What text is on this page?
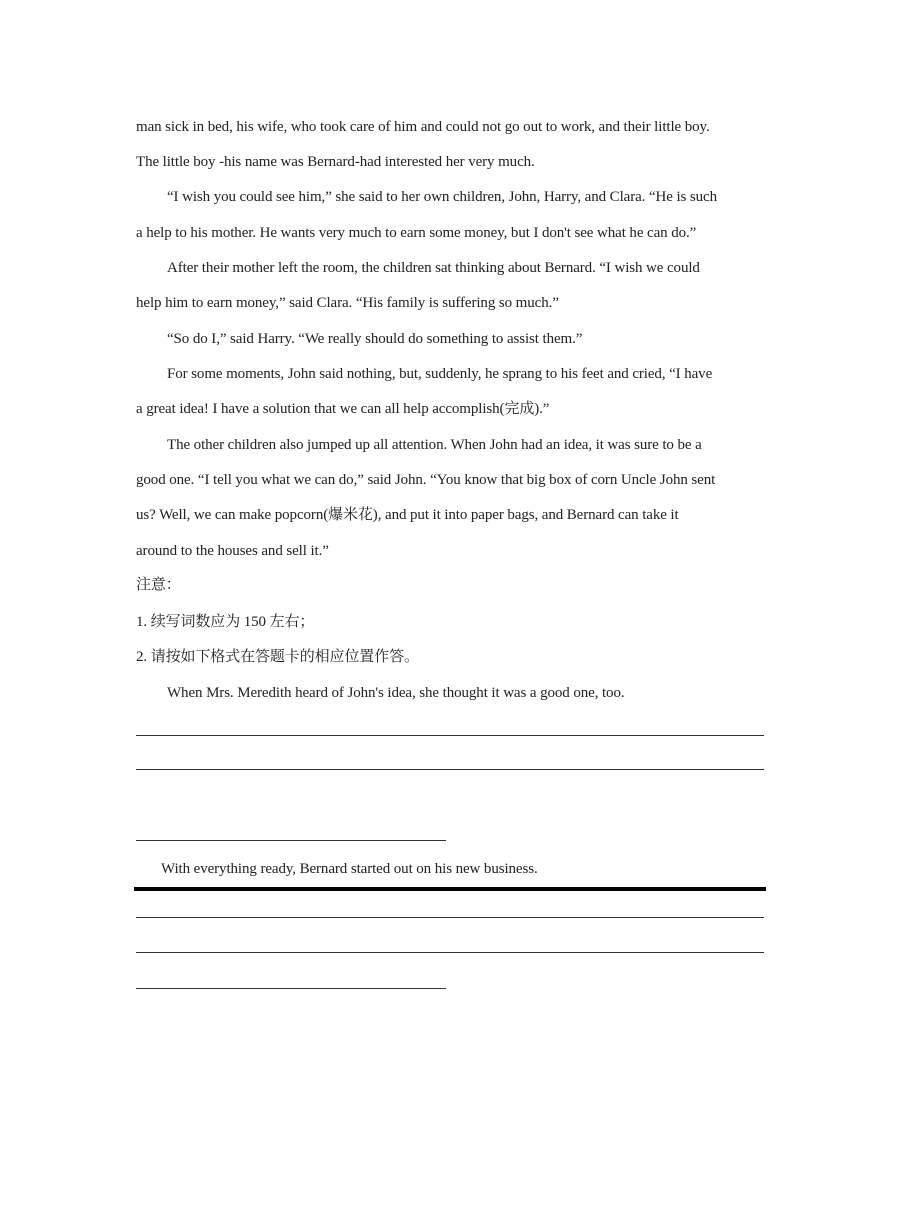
man sick in bed, his wife, who took care of him and could not go out to work, and their little boy.
The little boy -his name was Bernard-had interested her very much.
“I wish you could see him,” she said to her own children, John, Harry, and Clara. “He is such
a help to his mother. He wants very much to earn some money, but I don't see what he can do.”
After their mother left the room, the children sat thinking about Bernard. “I wish we could
help him to earn money,” said Clara. “His family is suffering so much.”
“So do I,” said Harry. “We really should do something to assist them.”
For some moments, John said nothing, but, suddenly, he sprang to his feet and cried, “I have
a great idea! I have a solution that we can all help accomplish(完成).”
The other children also jumped up all attention. When John had an idea, it was sure to be a
good one. “I tell you what we can do,” said John. “You know that big box of corn Uncle John sent
us? Well, we can make popcorn(爆米花), and put it into paper bags, and Bernard can take it
around to the houses and sell it.”
注意：
1. 续写词数应为 150 左右；
2. 请按如下格式在答题卡的相应位置作答。
When Mrs. Meredith heard of John's idea, she thought it was a good one, too.
With everything ready, Bernard started out on his new business.
